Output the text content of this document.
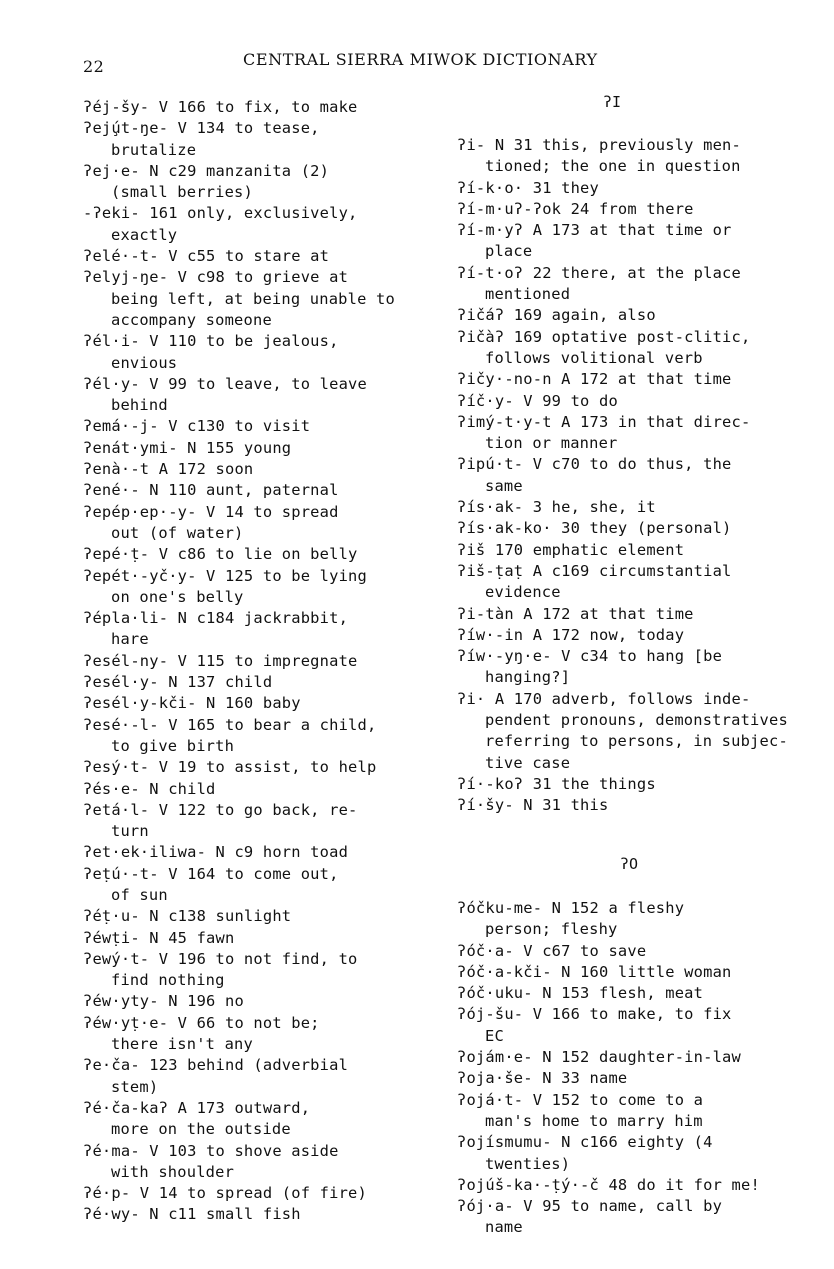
22	CENTRAL SIERRA MIWOK DICTIONARY
ʔéj-šy- V 166 to fix, to make
ʔejú̧t-ŋe- V 134 to tease,
brutalize
ʔej·e- N c29 manzanita (2)
(small berries)
-ʔeki- 161 only, exclusively,
exactly
ʔelé·-t- V c55 to stare at
ʔelyj-ŋe- V c98 to grieve at
being left, at being unable to accompany someone
ʔél·i- V 110 to be jealous,
envious
ʔél·y- V 99 to leave, to leave
behind
ʔemá·-j- V c130 to visit
ʔenát·ymi- N 155 young
ʔenà·-t A 172 soon
ʔené·- N 110 aunt, paternal
ʔepép·ep·-y- V 14 to spread
out (of water)
ʔepé·ṭ- V c86 to lie on belly
ʔepét·-yč·y- V 125 to be lying
on one's belly
ʔépla·li- N c184 jackrabbit,
hare
ʔesél-ny- V 115 to impregnate
ʔesél·y- N 137 child
ʔesél·y-kči- N 160 baby
ʔesé·-l- V 165 to bear a child,
to give birth
ʔesý·t- V 19 to assist, to help
ʔés·e- N child
ʔetá·l- V 122 to go back, re-
turn
ʔet·ek·iliwa- N c9 horn toad
ʔeṭú·-t- V 164 to come out,
of sun
ʔéṭ·u- N c138 sunlight
ʔéwṭi- N 45 fawn
ʔewý·t- V 196 to not find, to
find nothing
ʔéw·yty- N 196 no
ʔéw·yṭ·e- V 66 to not be;
there isn't any
ʔe·ča- 123 behind (adverbial
stem)
ʔé·ča-kaʔ A 173 outward,
more on the outside
ʔé·ma- V 103 to shove aside
with shoulder
ʔé·p- V 14 to spread (of fire)
ʔé·wy- N c11 small fish
ʔI
ʔi- N 31 this, previously men-
tioned; the one in question
ʔí-k·o· 31 they
ʔí-m·uʔ-ʔok 24 from there
ʔí-m·yʔ A 173 at that time or
place
ʔí-t·oʔ 22 there, at the place
mentioned
ʔičáʔ 169 again, also
ʔičàʔ 169 optative post-clitic,
follows volitional verb
ʔičy·-no-n A 172 at that time
ʔíč·y- V 99 to do
ʔimý-t·y-t A 173 in that direc-
tion or manner
ʔipú·t- V c70 to do thus, the
same
ʔís·ak- 3 he, she, it
ʔís·ak-ko· 30 they (personal)
ʔiš 170 emphatic element
ʔiš-ṭaṭ A c169 circumstantial
evidence
ʔi-tàn A 172 at that time
ʔíw·-in A 172 now, today
ʔíw·-yŋ·e- V c34 to hang [be
hanging?]
ʔi· A 170 adverb, follows inde-
pendent pronouns, demonstratives referring to persons, in subjec- tive case
ʔí·-koʔ 31 the things
ʔí·šy- N 31 this
ʔO
ʔóčku-me- N 152 a fleshy
person; fleshy
ʔóč·a- V c67 to save
ʔóč·a-kči- N 160 little woman
ʔóč·uku- N 153 flesh, meat
ʔój-šu- V 166 to make, to fix
EC
ʔojám·e- N 152 daughter-in-law
ʔoja·še- N 33 name
ʔojá·t- V 152 to come to a
man's home to marry him
ʔojísmumu- N c166 eighty (4
twenties)
ʔojúš-ka·-ṭý·-č 48 do it for me!
ʔój·a- V 95 to name, call by
name
